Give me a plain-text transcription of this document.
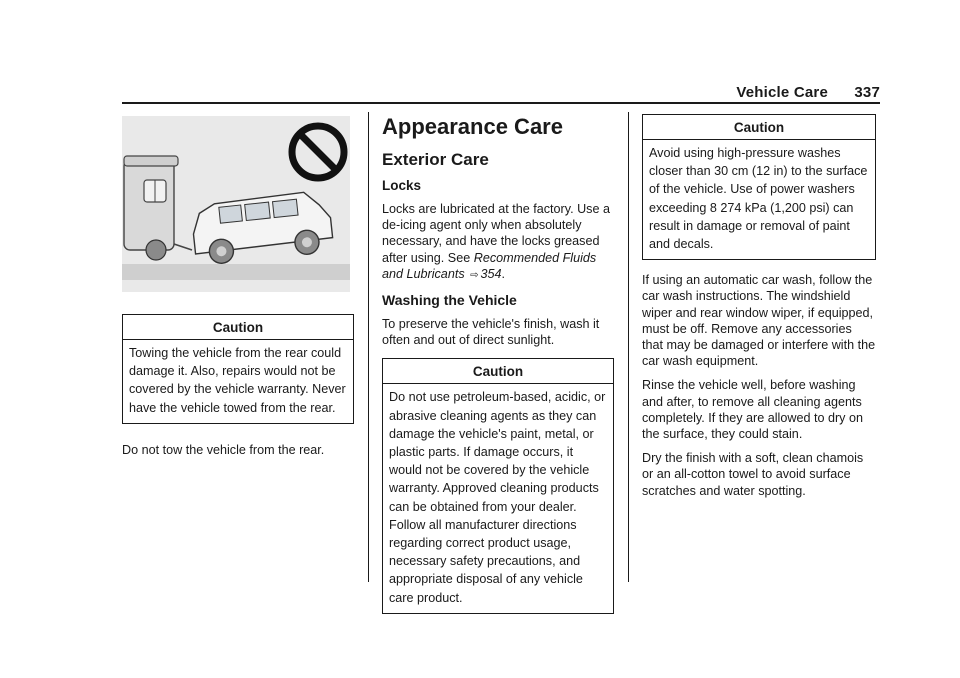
Vehicle Care 337
Caution
Towing the vehicle from the rear could damage it. Also, repairs would not be covered by the vehicle warranty. Never have the vehicle towed from the rear.

Do not tow the vehicle from the rear.

Appearance Care
Exterior Care
Locks

Locks are lubricated at the factory. Use a de-icing agent only when absolutely necessary, and have the locks greased after using. See Recommended Fluids and Lubricants ⇨ 354.

Washing the Vehicle

To preserve the vehicle's finish, wash it often and out of direct sunlight.

Caution
Do not use petroleum-based, acidic, or abrasive cleaning agents as they can damage the vehicle's paint, metal, or plastic parts. If damage occurs, it would not be covered by the vehicle warranty. Approved cleaning products can be obtained from your dealer. Follow all manufacturer directions regarding correct product usage, necessary safety precautions, and appropriate disposal of any vehicle care product.
Caution
Avoid using high-pressure washes closer than 30 cm (12 in) to the surface of the vehicle. Use of power washers exceeding 8 274 kPa (1,200 psi) can result in damage or removal of paint and decals.

If using an automatic car wash, follow the car wash instructions. The windshield wiper and rear window wiper, if equipped, must be off. Remove any accessories that may be damaged or interfere with the car wash equipment.

Rinse the vehicle well, before washing and after, to remove all cleaning agents completely. If they are allowed to dry on the surface, they could stain.

Dry the finish with a soft, clean chamois or an all-cotton towel to avoid surface scratches and water spotting.
